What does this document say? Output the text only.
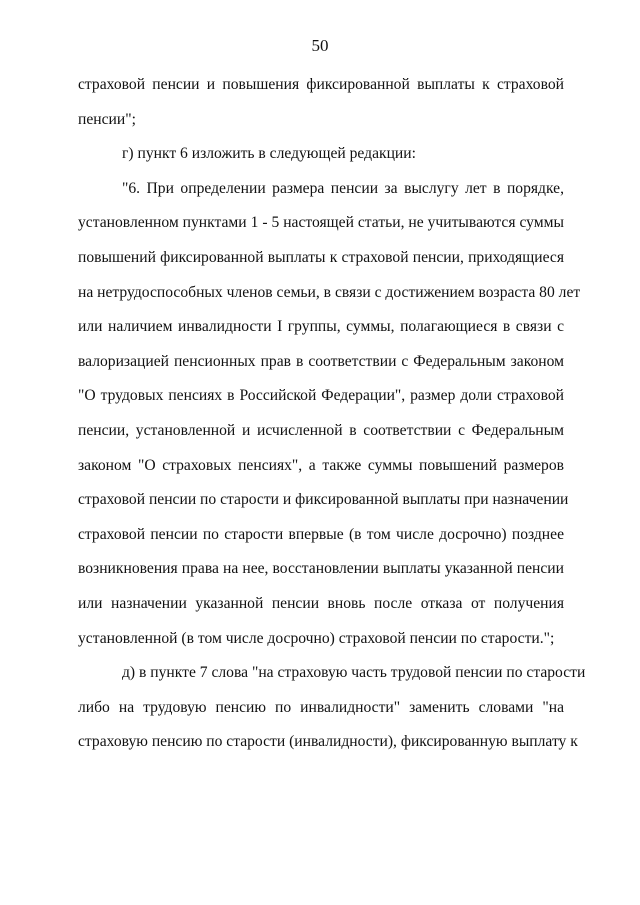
50
страховой пенсии и повышения фиксированной выплаты к страховой
пенсии";
г) пункт 6 изложить в следующей редакции:
"6. При определении размера пенсии за выслугу лет в порядке,
установленном пунктами 1 - 5 настоящей статьи, не учитываются суммы
повышений фиксированной выплаты к страховой пенсии, приходящиеся
на нетрудоспособных членов семьи, в связи с достижением возраста 80 лет
или наличием инвалидности I группы, суммы, полагающиеся в связи с
валоризацией пенсионных прав в соответствии с Федеральным законом
"О трудовых пенсиях в Российской Федерации", размер доли страховой
пенсии, установленной и исчисленной в соответствии с Федеральным
законом "О страховых пенсиях", а также суммы повышений размеров
страховой пенсии по старости и фиксированной выплаты при назначении
страховой пенсии по старости впервые (в том числе досрочно) позднее
возникновения права на нее, восстановлении выплаты указанной пенсии
или назначении указанной пенсии вновь после отказа от получения
установленной (в том числе досрочно) страховой пенсии по старости.";
д) в пункте 7 слова "на страховую часть трудовой пенсии по старости
либо на трудовую пенсию по инвалидности" заменить словами "на
страховую пенсию по старости (инвалидности), фиксированную выплату к
